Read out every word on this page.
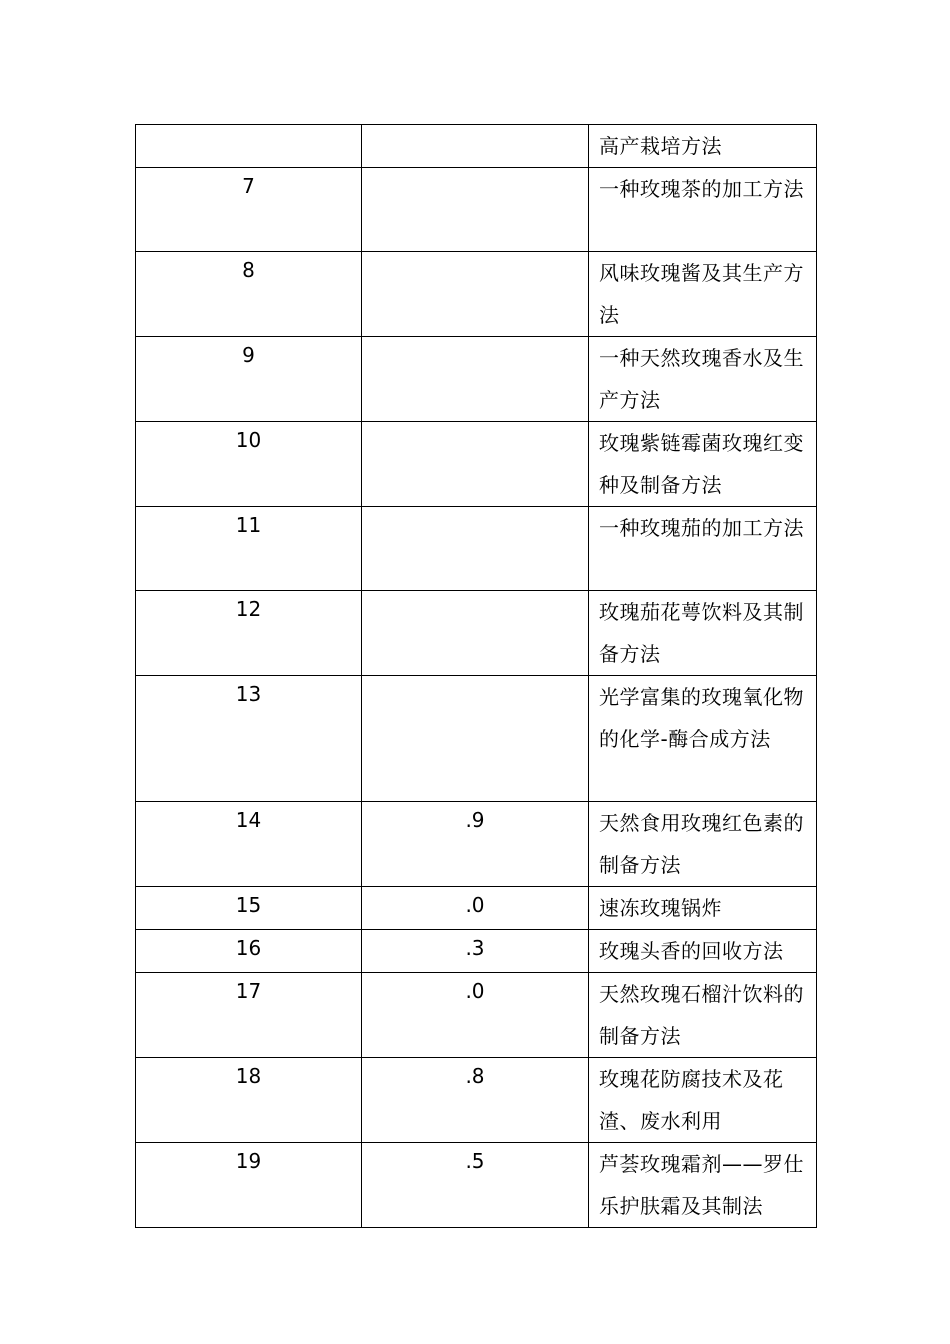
		高产栽培方法

7		一种玫瑰茶的加工方法

8		风味玫瑰酱及其生产方法

9		一种天然玫瑰香水及生产方法

10		玫瑰紫链霉菌玫瑰红变种及制备方法

11		一种玫瑰茄的加工方法

12		玫瑰茄花萼饮料及其制备方法

13		光学富集的玫瑰氧化物的化学-酶合成方法

14	.9	天然食用玫瑰红色素的制备方法

15	.0	速冻玫瑰锅炸

16	.3	玫瑰头香的回收方法

17	.0	天然玫瑰石榴汁饮料的制备方法

18	.8	玫瑰花防腐技术及花渣、废水利用

19	.5	芦荟玫瑰霜剂——罗仕乐护肤霜及其制法
